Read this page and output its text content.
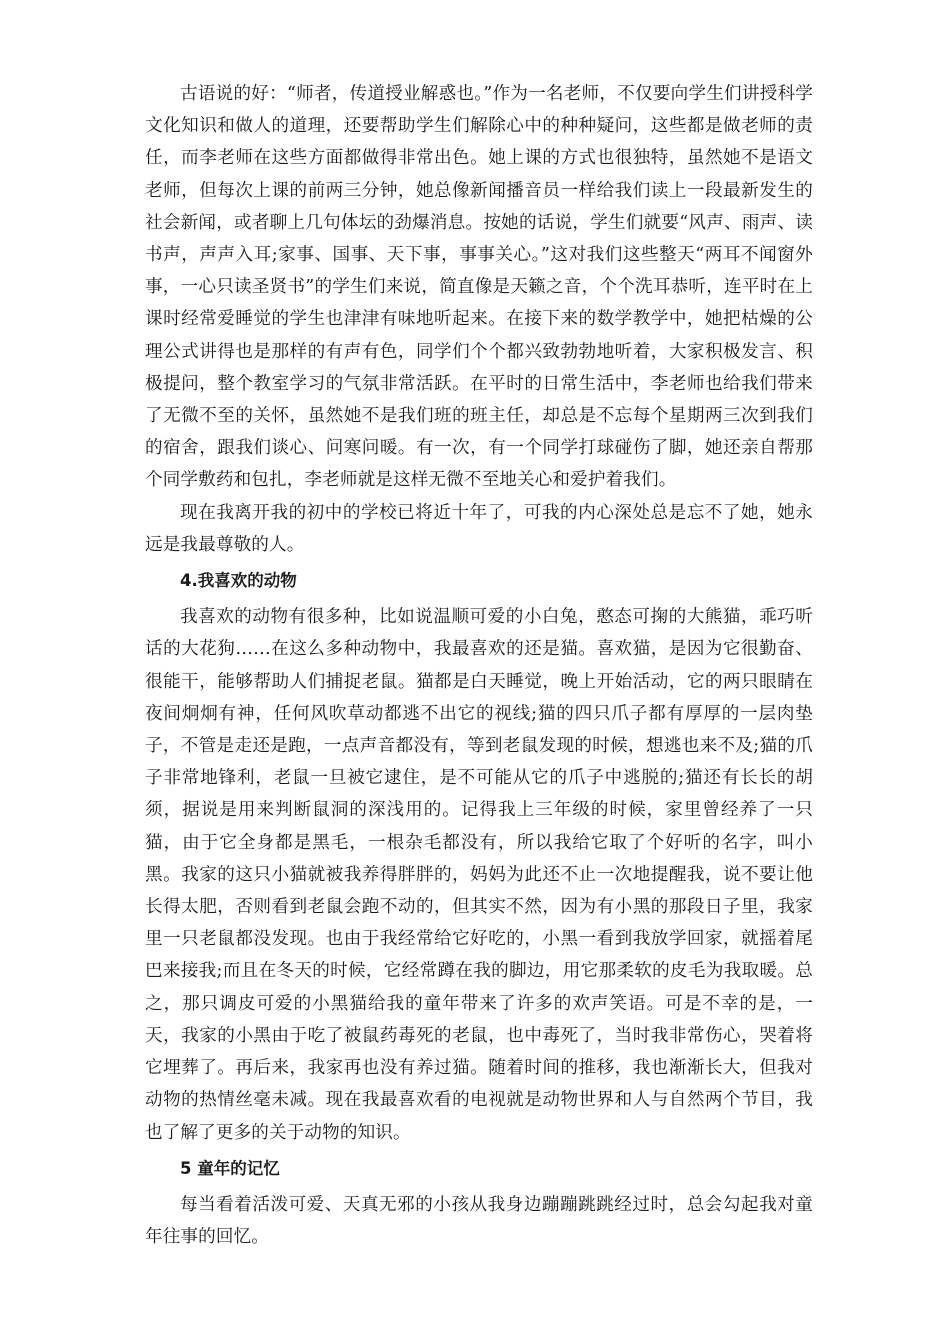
古语说的好：“师者，传道授业解惑也。”作为一名老师，不仅要向学生们讲授科学文化知识和做人的道理，还要帮助学生们解除心中的种种疑问，这些都是做老师的责任，而李老师在这些方面都做得非常出色。她上课的方式也很独特，虽然她不是语文老师，但每次上课的前两三分钟，她总像新闻播音员一样给我们读上一段最新发生的社会新闻，或者聊上几句体坛的劲爆消息。按她的话说，学生们就要“风声、雨声、读书声，声声入耳;家事、国事、天下事，事事关心。”这对我们这些整天“两耳不闻窗外事，一心只读圣贤书”的学生们来说，简直像是天籁之音，个个洗耳恭听，连平时在上课时经常爱睡觉的学生也津津有味地听起来。在接下来的数学教学中，她把枯燥的公理公式讲得也是那样的有声有色，同学们个个都兴致勃勃地听着，大家积极发言、积极提问，整个教室学习的气氛非常活跃。在平时的日常生活中，李老师也给我们带来了无微不至的关怀，虽然她不是我们班的班主任，却总是不忘每个星期两三次到我们的宿舍，跟我们谈心、问寒问暖。有一次，有一个同学打球碰伤了脚，她还亲自帮那个同学敷药和包扎，李老师就是这样无微不至地关心和爱护着我们。

现在我离开我的初中的学校已将近十年了，可我的内心深处总是忘不了她，她永远是我最尊敬的人。

4.我喜欢的动物

我喜欢的动物有很多种，比如说温顺可爱的小白兔，憨态可掬的大熊猫，乖巧听话的大花狗……在这么多种动物中，我最喜欢的还是猫。喜欢猫，是因为它很勤奋、很能干，能够帮助人们捕捉老鼠。猫都是白天睡觉，晚上开始活动，它的两只眼睛在夜间炯炯有神，任何风吹草动都逃不出它的视线;猫的四只爪子都有厚厚的一层肉垫子，不管是走还是跑，一点声音都没有，等到老鼠发现的时候，想逃也来不及;猫的爪子非常地锋利，老鼠一旦被它逮住，是不可能从它的爪子中逃脱的;猫还有长长的胡须，据说是用来判断鼠洞的深浅用的。记得我上三年级的时候，家里曾经养了一只猫，由于它全身都是黑毛，一根杂毛都没有，所以我给它取了个好听的名字，叫小黑。我家的这只小猫就被我养得胖胖的，妈妈为此还不止一次地提醒我，说不要让他长得太肥，否则看到老鼠会跑不动的，但其实不然，因为有小黑的那段日子里，我家里一只老鼠都没发现。也由于我经常给它好吃的，小黑一看到我放学回家，就摇着尾巴来接我;而且在冬天的时候，它经常蹲在我的脚边，用它那柔软的皮毛为我取暖。总之，那只调皮可爱的小黑猫给我的童年带来了许多的欢声笑语。可是不幸的是，一天，我家的小黑由于吃了被鼠药毒死的老鼠，也中毒死了，当时我非常伤心，哭着将它埋葬了。再后来，我家再也没有养过猫。随着时间的推移，我也渐渐长大，但我对动物的热情丝毫未减。现在我最喜欢看的电视就是动物世界和人与自然两个节目，我也了解了更多的关于动物的知识。

5 童年的记忆

每当看着活泼可爱、天真无邪的小孩从我身边蹦蹦跳跳经过时，总会勾起我对童年往事的回忆。
